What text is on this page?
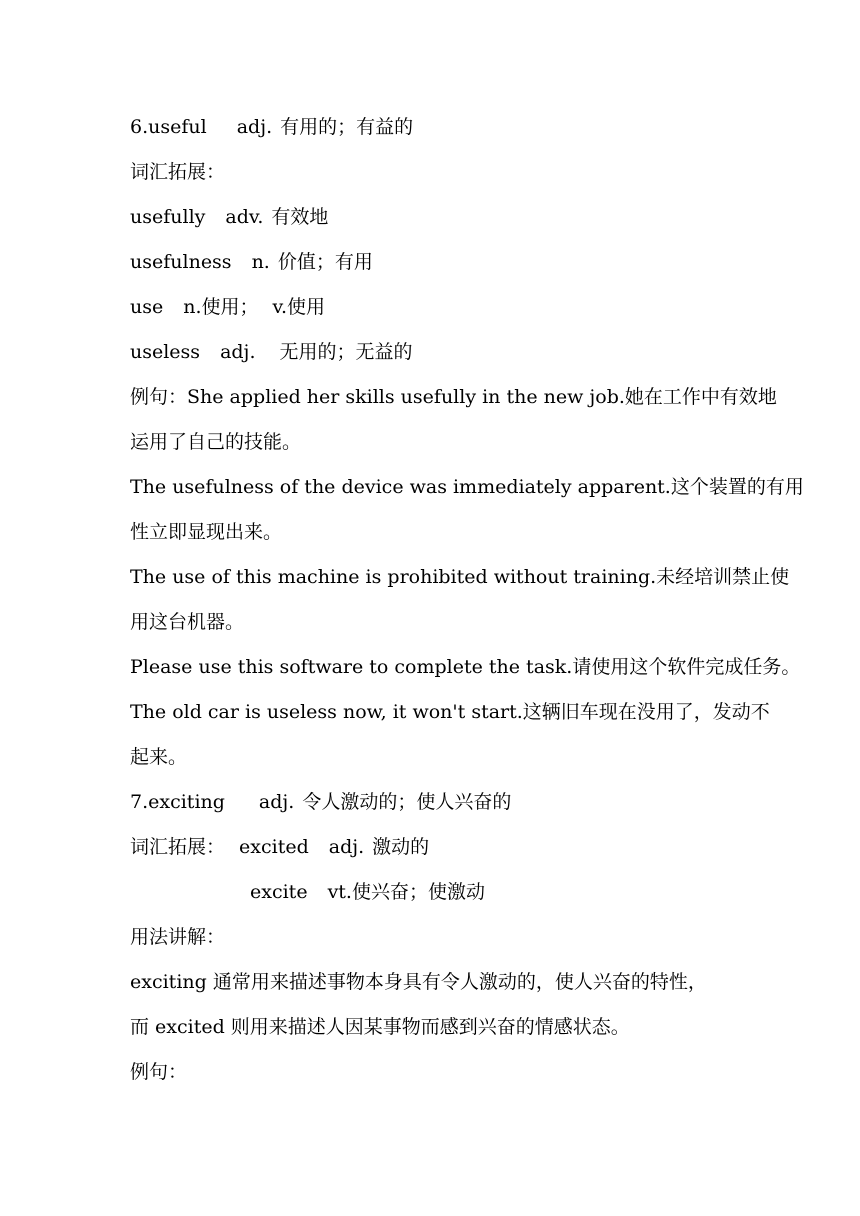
6.useful adj. 有用的；有益的
词汇拓展：
usefully adv. 有效地
usefulness n. 价值；有用
use n.使用； v.使用
useless adj. 无用的；无益的
例句：She applied her skills usefully in the new job.她在工作中有效地
运用了自己的技能。
The usefulness of the device was immediately apparent.这个装置的有用
性立即显现出来。
The use of this machine is prohibited without training.未经培训禁止使
用这台机器。
Please use this software to complete the task.请使用这个软件完成任务。
The old car is useless now, it won't start.这辆旧车现在没用了，发动不
起来。
7.exciting adj. 令人激动的；使人兴奋的
词汇拓展： excited adj. 激动的
excite vt.使兴奋；使激动
用法讲解：
exciting 通常用来描述事物本身具有令人激动的，使人兴奋的特性，
而 excited 则用来描述人因某事物而感到兴奋的情感状态。
例句：
